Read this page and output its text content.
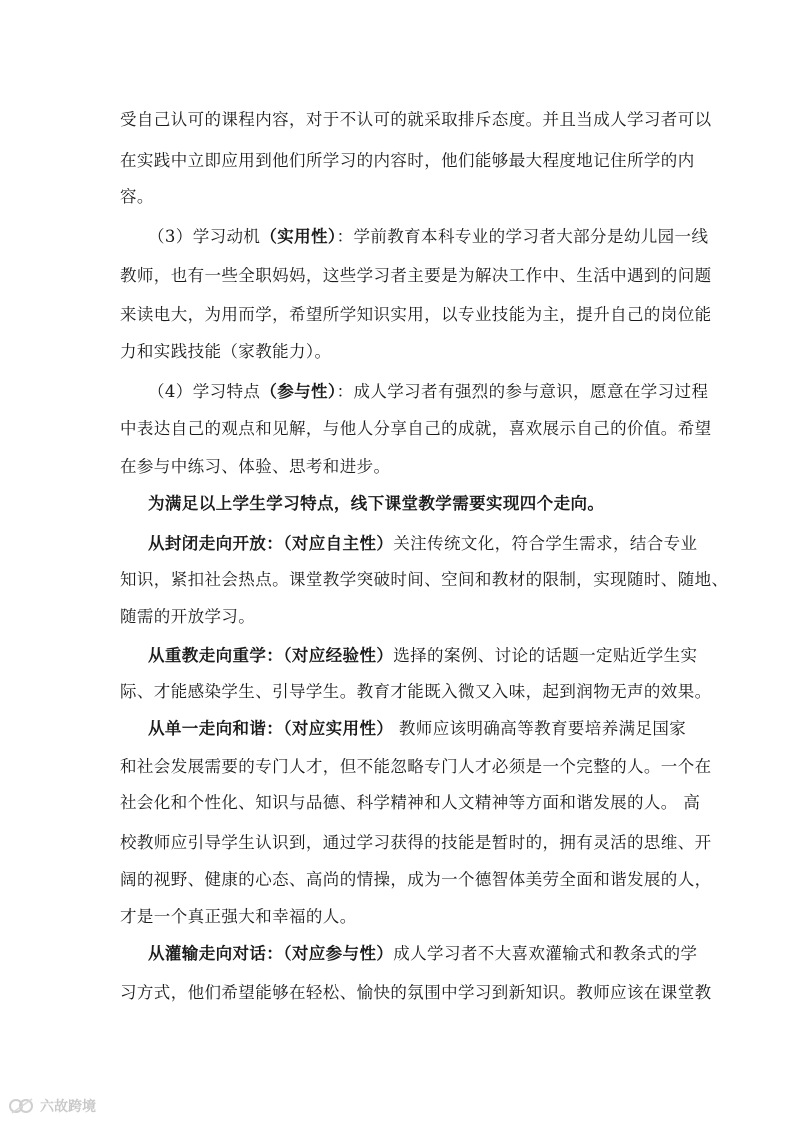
受自己认可的课程内容，对于不认可的就采取排斥态度。并且当成人学习者可以
在实践中立即应用到他们所学习的内容时，他们能够最大程度地记住所学的内
容。
（3）学习动机（实用性）：学前教育本科专业的学习者大部分是幼儿园一线
教师，也有一些全职妈妈，这些学习者主要是为解决工作中、生活中遇到的问题
来读电大，为用而学，希望所学知识实用，以专业技能为主，提升自己的岗位能
力和实践技能（家教能力）。
（4）学习特点（参与性）：成人学习者有强烈的参与意识，愿意在学习过程
中表达自己的观点和见解，与他人分享自己的成就，喜欢展示自己的价值。希望
在参与中练习、体验、思考和进步。
为满足以上学生学习特点，线下课堂教学需要实现四个走向。
从封闭走向开放：（对应自主性）关注传统文化，符合学生需求，结合专业
知识，紧扣社会热点。课堂教学突破时间、空间和教材的限制，实现随时、随地、
随需的开放学习。
从重教走向重学：（对应经验性）选择的案例、讨论的话题一定贴近学生实
际、才能感染学生、引导学生。教育才能既入微又入味，起到润物无声的效果。
从单一走向和谐：（对应实用性） 教师应该明确高等教育要培养满足国家
和社会发展需要的专门人才，但不能忽略专门人才必须是一个完整的人。一个在
社会化和个性化、知识与品德、科学精神和人文精神等方面和谐发展的人。 高
校教师应引导学生认识到，通过学习获得的技能是暂时的，拥有灵活的思维、开
阔的视野、健康的心态、高尚的情操，成为一个德智体美劳全面和谐发展的人，
才是一个真正强大和幸福的人。
从灌输走向对话：（对应参与性）成人学习者不大喜欢灌输式和教条式的学
习方式，他们希望能够在轻松、愉快的氛围中学习到新知识。教师应该在课堂教
六故跨境
